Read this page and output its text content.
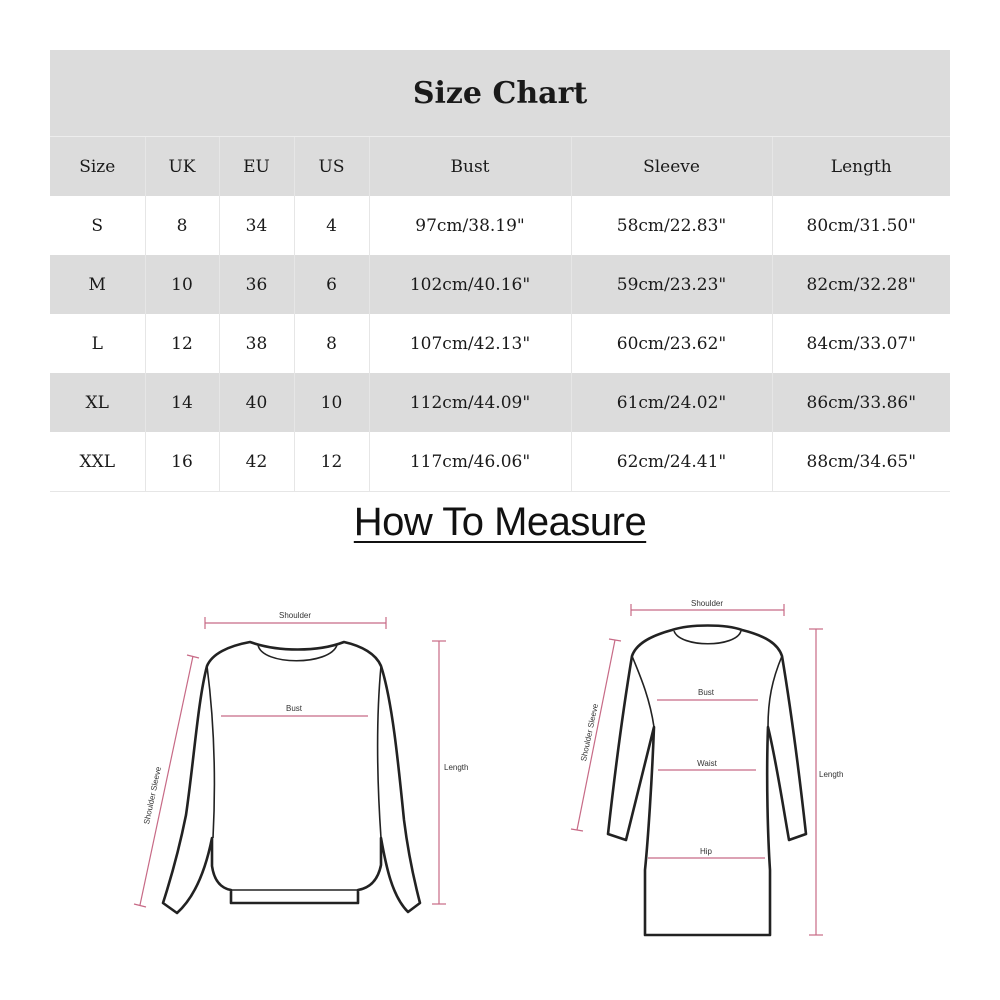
Size Chart						
Size	UK	EU	US	Bust	Sleeve	Length
S	8	34	4	97cm/38.19"	58cm/22.83"	80cm/31.50"
M	10	36	6	102cm/40.16"	59cm/23.23"	82cm/32.28"
L	12	38	8	107cm/42.13"	60cm/23.62"	84cm/33.07"
XL	14	40	10	112cm/44.09"	61cm/24.02"	86cm/33.86"
XXL	16	42	12	117cm/46.06"	62cm/24.41"	88cm/34.65"
How To Measure
Shoulder
Bust
Shoulder Sleeve	Length
Shoulder
Bust
Waist
Hip
Shoulder Sleeve
Length
